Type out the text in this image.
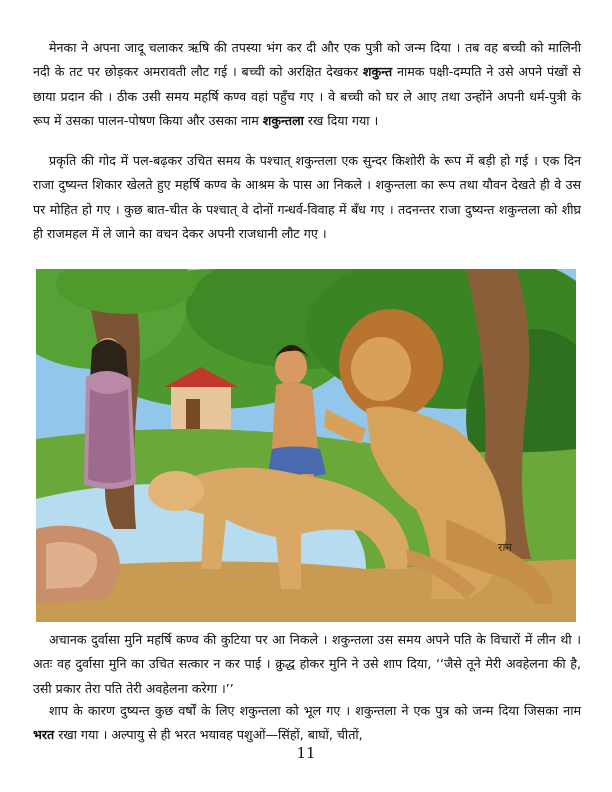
मेनका ने अपना जादू चलाकर ऋषि की तपस्या भंग कर दी और एक पुत्री को जन्म दिया । तब वह बच्ची को मालिनी नदी के तट पर छोड़कर अमरावती लौट गई । बच्ची को अरक्षित देखकर शकुन्त नामक पक्षी-दम्पति ने उसे अपने पंखों से छाया प्रदान की । ठीक उसी समय महर्षि कण्व वहां पहुँच गए । वे बच्ची को घर ले आए तथा उन्होंने अपनी धर्म-पुत्री के रूप में उसका पालन-पोषण किया और उसका नाम शकुन्तला रख दिया गया ।

प्रकृति की गोद में पल-बढ़कर उचित समय के पश्चात् शकुन्तला एक सुन्दर किशोरी के रूप में बड़ी हो गई । एक दिन राजा दुष्यन्त शिकार खेलते हुए महर्षि कण्व के आश्रम के पास आ निकले । शकुन्तला का रूप तथा यौवन देखते ही वे उस पर मोहित हो गए । कुछ बात-चीत के पश्चात् वे दोनों गन्धर्व-विवाह में बँध गए । तदनन्तर राजा दुष्यन्त शकुन्तला को शीघ्र ही राजमहल में ले जाने का वचन देकर अपनी राजधानी लौट गए ।

राम

अचानक दुर्वासा मुनि महर्षि कण्व की कुटिया पर आ निकले । शकुन्तला उस समय अपने पति के विचारों में लीन थी । अतः वह दुर्वासा मुनि का उचित सत्कार न कर पाई । क्रुद्ध होकर मुनि ने उसे शाप दिया, ‘‘जैसे तूने मेरी अवहेलना की है, उसी प्रकार तेरा पति तेरी अवहेलना करेगा ।’’

शाप के कारण दुष्यन्त कुछ वर्षों के लिए शकुन्तला को भूल गए । शकुन्तला ने एक पुत्र को जन्म दिया जिसका नाम भरत रखा गया । अल्पायु से ही भरत भयावह पशुओं—सिंहों, बाघों, चीतों,

11
